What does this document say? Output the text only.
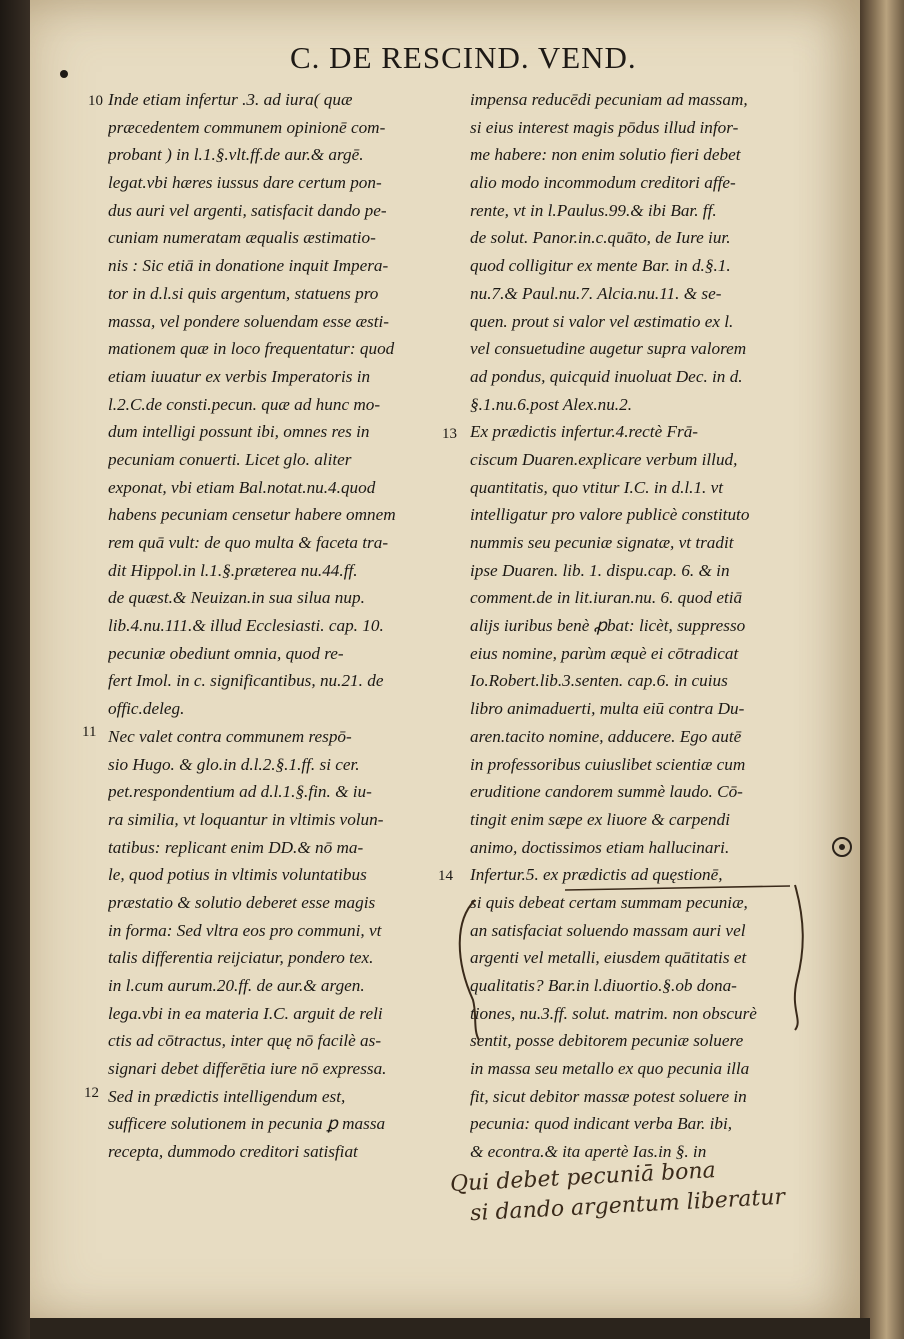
C. DE RESCIND. VEND.
10
11
12
13
14
Inde etiam infertur .3. ad iura( quæ
præcedentem communem opinionē com-
probant ) in l.1.§.vlt.ff.de aur.& argē.
legat.vbi hæres iussus dare certum pon-
dus auri vel argenti, satisfacit dando pe-
cuniam numeratam æqualis æstimatio-
nis : Sic etiā in donatione inquit Impera-
tor in d.l.si quis argentum, statuens pro
massa, vel pondere soluendam esse æsti-
mationem quæ in loco frequentatur: quod
etiam iuuatur ex verbis Imperatoris in
l.2.C.de consti.pecun. quæ ad hunc mo-
dum intelligi possunt ibi, omnes res in
pecuniam conuerti. Licet glo. aliter
exponat, vbi etiam Bal.notat.nu.4.quod
habens pecuniam censetur habere omnem
rem quā vult: de quo multa & faceta tra-
dit Hippol.in l.1.§.præterea nu.44.ff.
de quæst.& Neuizan.in sua silua nup.
lib.4.nu.111.& illud Ecclesiasti. cap. 10.
pecuniæ obediunt omnia, quod re-
fert Imol. in c. significantibus, nu.21. de
offic.deleg.
Nec valet contra communem respō-
sio Hugo. & glo.in d.l.2.§.1.ff. si cer.
pet.respondentium ad d.l.1.§.fin. & iu-
ra similia, vt loquantur in vltimis volun-
tatibus: replicant enim DD.& nō ma-
le, quod potius in vltimis voluntatibus
præstatio & solutio deberet esse magis
in forma: Sed vltra eos pro communi, vt
talis differentia reijciatur, pondero tex.
in l.cum aurum.20.ff. de aur.& argen.
lega.vbi in ea materia I.C. arguit de reli
ctis ad cōtractus, inter quę nō facilè as-
signari debet differētia iure nō expressa.
Sed in prædictis intelligendum est,
sufficere solutionem in pecunia ꝑ massa
recepta, dummodo creditori satisfiat
impensa reducēdi pecuniam ad massam,
si eius interest magis pōdus illud infor-
me habere: non enim solutio fieri debet
alio modo incommodum creditori affe-
rente, vt in l.Paulus.99.& ibi Bar. ff.
de solut. Panor.in.c.quāto, de Iure iur.
quod colligitur ex mente Bar. in d.§.1.
nu.7.& Paul.nu.7. Alcia.nu.11. & se-
quen. prout si valor vel æstimatio ex l.
vel consuetudine augetur supra valorem
ad pondus, quicquid inuoluat Dec. in d.
§.1.nu.6.post Alex.nu.2.
Ex prædictis infertur.4.rectè Frā-
ciscum Duaren.explicare verbum illud,
quantitatis, quo vtitur I.C. in d.l.1. vt
intelligatur pro valore publicè constituto
nummis seu pecuniæ signatæ, vt tradit
ipse Duaren. lib. 1. dispu.cap. 6. & in
comment.de in lit.iuran.nu. 6. quod etiā
alijs iuribus benè ꝓbat: licèt, suppresso
eius nomine, parùm æquè ei cōtradicat
Io.Robert.lib.3.senten. cap.6. in cuius
libro animaduerti, multa eiū contra Du-
aren.tacito nomine, adducere. Ego autē
in professoribus cuiuslibet scientiæ cum
eruditione candorem summè laudo. Cō-
tingit enim sæpe ex liuore & carpendi
animo, doctissimos etiam hallucinari.
Infertur.5. ex prædictis ad quęstionē,
si quis debeat certam summam pecuniæ,
an satisfaciat soluendo massam auri vel
argenti vel metalli, eiusdem quātitatis et
qualitatis? Bar.in l.diuortio.§.ob dona-
tiones, nu.3.ff. solut. matrim. non obscurè
sentit, posse debitorem pecuniæ soluere
in massa seu metallo ex quo pecunia illa
fit, sicut debitor massæ potest soluere in
pecunia: quod indicant verba Bar. ibi,
& econtra.& ita apertè Ias.in §. in
Qui debet pecuniā bona
si dando argentum liberatur
